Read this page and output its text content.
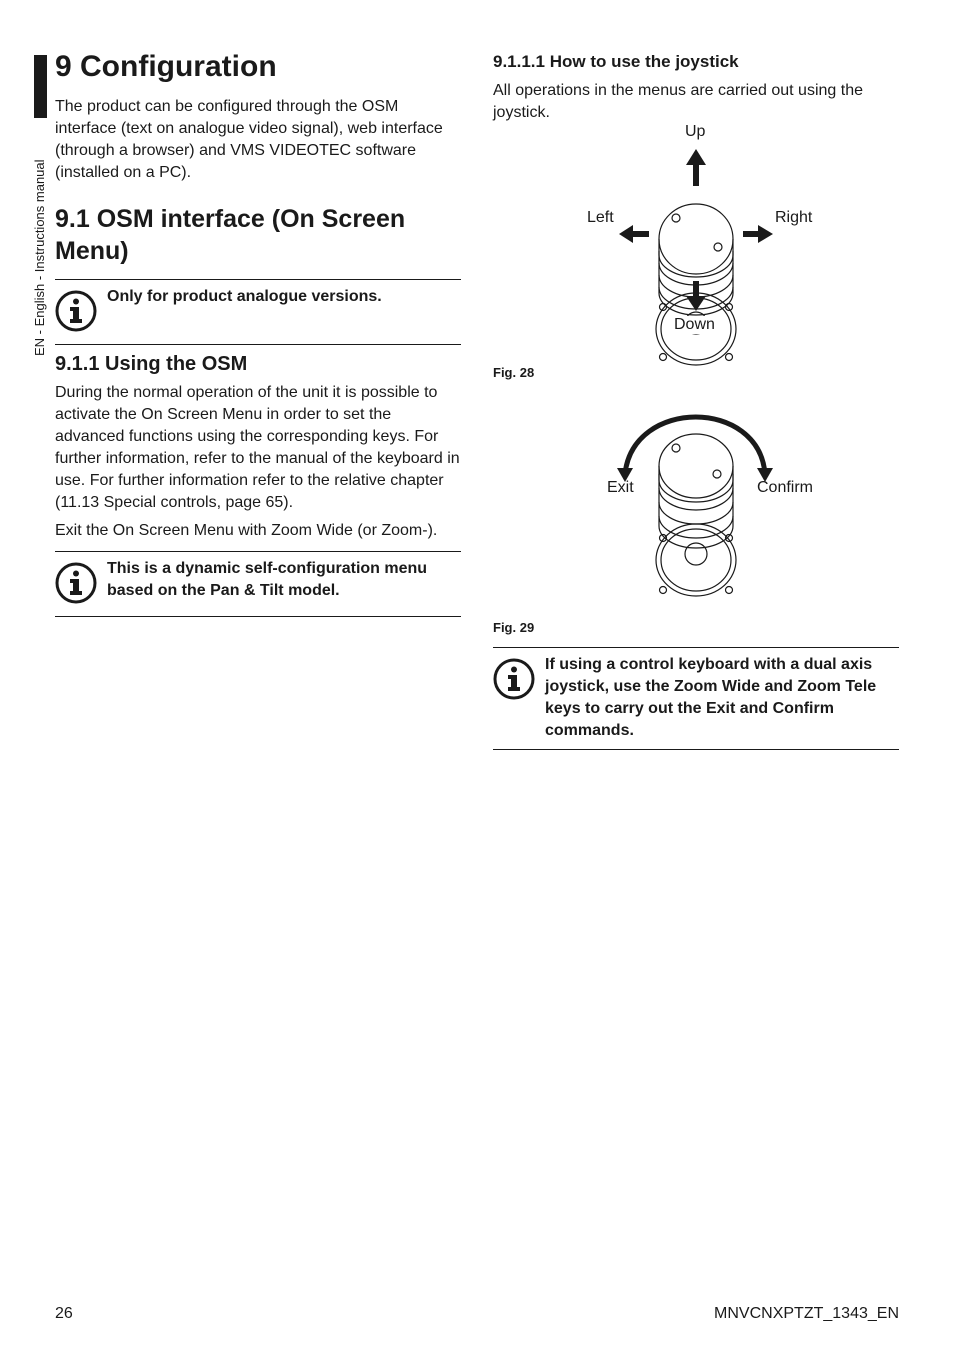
EN - English - Instructions manual
9 Configuration

The product can be configured through the OSM interface (text on analogue video signal), web interface (through a browser) and VMS VIDEOTEC software (installed on a PC).

9.1 OSM interface (On Screen Menu)
Only for product analogue versions.
9.1.1 Using the OSM

During the normal operation of the unit it is possible to activate the On Screen Menu in order to set the advanced functions using the corresponding keys. For further information, refer to the manual of the keyboard in use. For further information refer to the relative chapter (11.13 Special controls, page 65).

Exit the On Screen Menu with Zoom Wide (or Zoom-).

This is a dynamic self-configuration menu based on the Pan & Tilt model.
9.1.1.1 How to use the joystick

All operations in the menus are carried out using the joystick.

Up
Left	Right
Down
Fig. 28
Exit	Confirm
Fig. 29
If using a control keyboard with a dual axis joystick, use the Zoom Wide and Zoom Tele keys to carry out the Exit and Confirm commands.
26	MNVCNXPTZT_1343_EN
